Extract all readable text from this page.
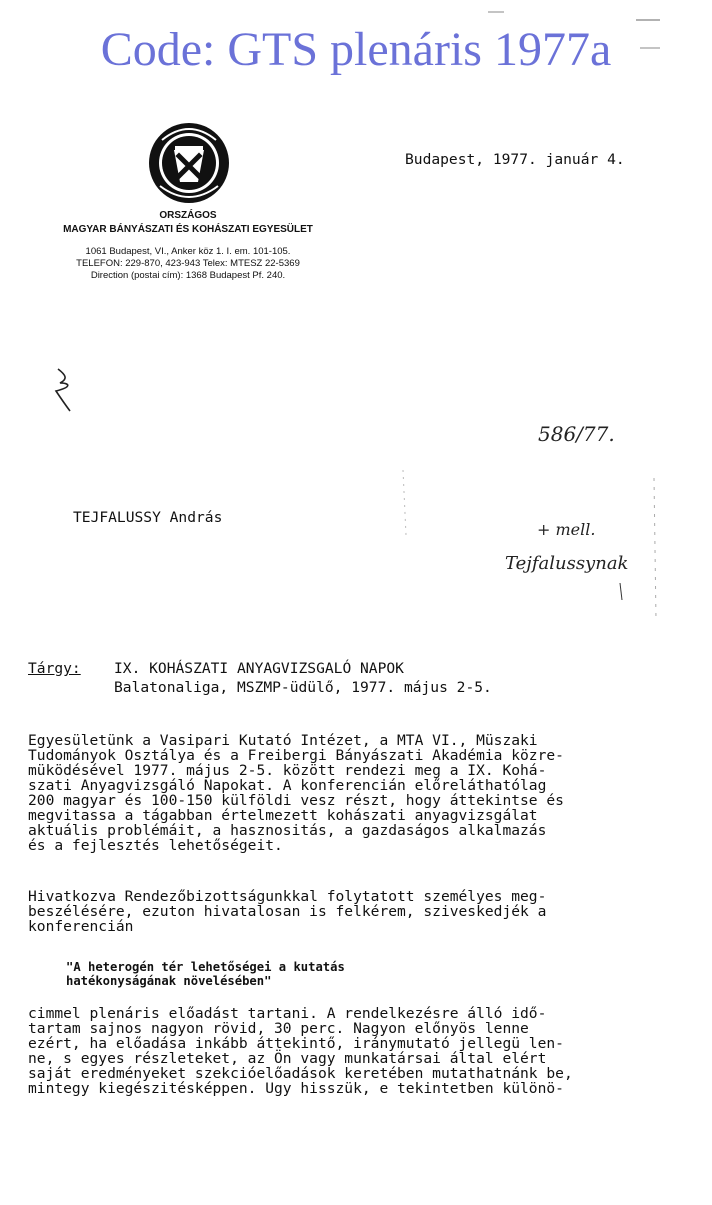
Code: GTS plenáris 1977a
ORSZÁGOS
MAGYAR BÁNYÁSZATI ÉS KOHÁSZATI EGYESÜLET
1061 Budapest, VI., Anker köz 1. I. em. 101-105.
TELEFON: 229-870, 423-943 Telex: MTESZ 22-5369
Direction (postai cím): 1368 Budapest Pf. 240.
Budapest, 1977. január 4.
586/77.
+ mell.
Tejfalussynak
TEJFALUSSY András
Tárgy: IX. KOHÁSZATI ANYAGVIZSGALÓ NAPOK
Balatonaliga, MSZMP-üdülő, 1977. május 2-5.
Egyesületünk a Vasipari Kutató Intézet, a MTA VI., Müszaki
Tudományok Osztálya és a Freibergi Bányászati Akadémia közre-
müködésével 1977. május 2-5. között rendezi meg a IX. Kohá-
szati Anyagvizsgáló Napokat. A konferencián előreláthatólag
200 magyar és 100-150 külföldi vesz részt, hogy áttekintse és
megvitassa a tágabban értelmezett kohászati anyagvizsgálat
aktuális problémáit, a hasznositás, a gazdaságos alkalmazás
és a fejlesztés lehetőségeit.
Hivatkozva Rendezőbizottságunkkal folytatott személyes meg-
beszélésére, ezuton hivatalosan is felkérem, sziveskedjék a
konferencián
"A heterogén tér lehetőségei a kutatás
hatékonyságának növelésében"
cimmel plenáris előadást tartani. A rendelkezésre álló idő-
tartam sajnos nagyon rövid, 30 perc. Nagyon előnyös lenne
ezért, ha előadása inkább áttekintő, iránymutató jellegü len-
ne, s egyes részleteket, az Ön vagy munkatársai által elért
saját eredményeket szekcióelőadások keretében mutathatnánk be,
mintegy kiegészitésképpen. Ugy hisszük, e tekintetben különö-
